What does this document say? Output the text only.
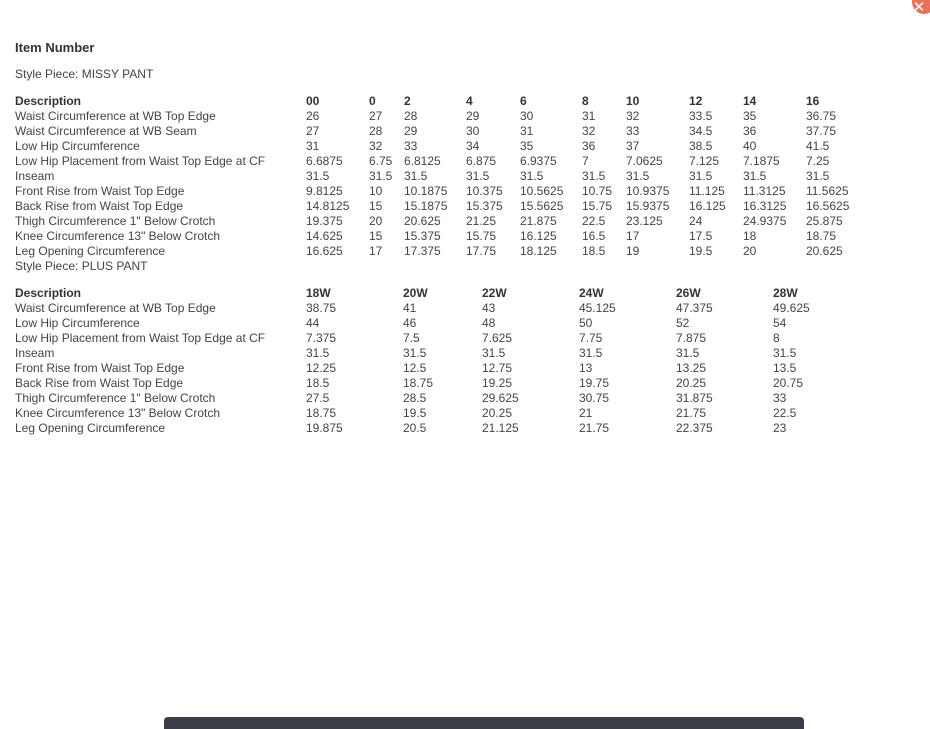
✕
Item Number
Style Piece: MISSY PANT
Description	00	0	2	4	6	8	10	12	14	16
Waist Circumference at WB Top Edge	26	27	28	29	30	31	32	33.5	35	36.75
Waist Circumference at WB Seam	27	28	29	30	31	32	33	34.5	36	37.75
Low Hip Circumference	31	32	33	34	35	36	37	38.5	40	41.5
Low Hip Placement from Waist Top Edge at CF	6.6875	6.75	6.8125	6.875	6.9375	7	7.0625	7.125	7.1875	7.25
Inseam	31.5	31.5	31.5	31.5	31.5	31.5	31.5	31.5	31.5	31.5
Front Rise from Waist Top Edge	9.8125	10	10.1875	10.375	10.5625	10.75	10.9375	11.125	11.3125	11.5625
Back Rise from Waist Top Edge	14.8125	15	15.1875	15.375	15.5625	15.75	15.9375	16.125	16.3125	16.5625
Thigh Circumference 1" Below Crotch	19.375	20	20.625	21.25	21.875	22.5	23.125	24	24.9375	25.875
Knee Circumference 13" Below Crotch	14.625	15	15.375	15.75	16.125	16.5	17	17.5	18	18.75
Leg Opening Circumference	16.625	17	17.375	17.75	18.125	18.5	19	19.5	20	20.625
Style Piece: PLUS PANT
Description	18W	20W	22W	24W	26W	28W
Waist Circumference at WB Top Edge	38.75	41	43	45.125	47.375	49.625
Low Hip Circumference	44	46	48	50	52	54
Low Hip Placement from Waist Top Edge at CF	7.375	7.5	7.625	7.75	7.875	8
Inseam	31.5	31.5	31.5	31.5	31.5	31.5
Front Rise from Waist Top Edge	12.25	12.5	12.75	13	13.25	13.5
Back Rise from Waist Top Edge	18.5	18.75	19.25	19.75	20.25	20.75
Thigh Circumference 1" Below Crotch	27.5	28.5	29.625	30.75	31.875	33
Knee Circumference 13" Below Crotch	18.75	19.5	20.25	21	21.75	22.5
Leg Opening Circumference	19.875	20.5	21.125	21.75	22.375	23
